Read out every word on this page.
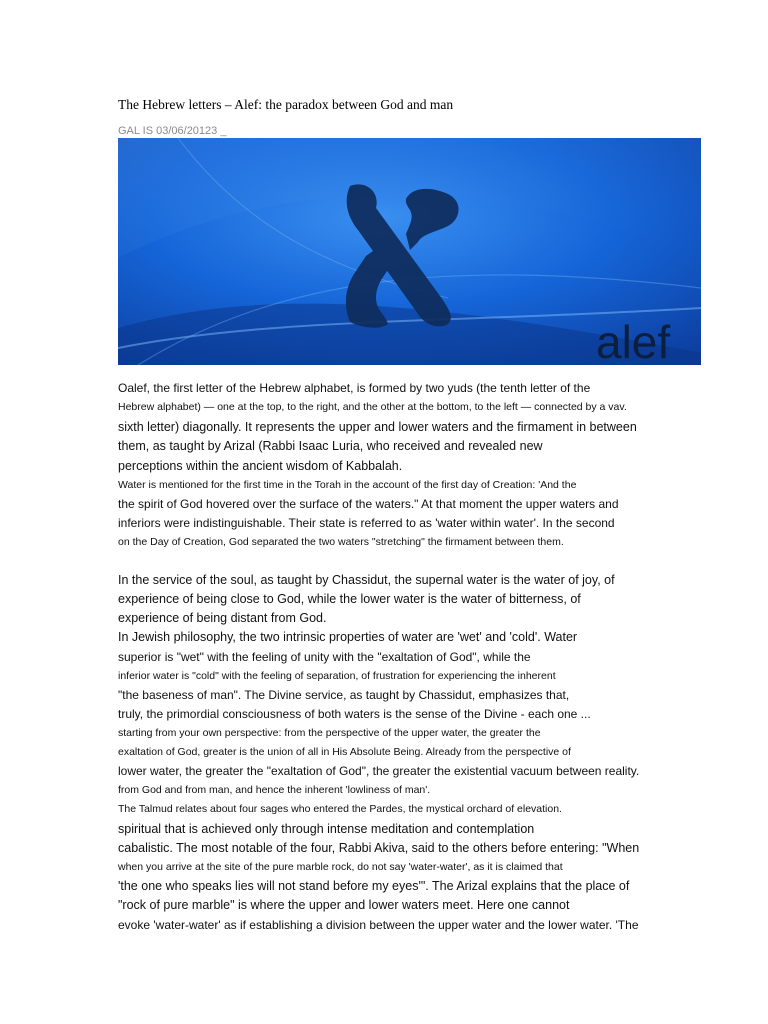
The Hebrew letters – Alef: the paradox between God and man
GAL IS 03/06/20123 _
alef
Oalef, the first letter of the Hebrew alphabet, is formed by two yuds (the tenth letter of the
Hebrew alphabet) — one at the top, to the right, and the other at the bottom, to the left — connected by a vav.
sixth letter) diagonally. It represents the upper and lower waters and the firmament in between
them, as taught by Arizal (Rabbi Isaac Luria, who received and revealed new
perceptions within the ancient wisdom of Kabbalah.
Water is mentioned for the first time in the Torah in the account of the first day of Creation: 'And the
the spirit of God hovered over the surface of the waters." At that moment the upper waters and
inferiors were indistinguishable. Their state is referred to as 'water within water'. In the second
on the Day of Creation, God separated the two waters "stretching" the firmament between them.
In the service of the soul, as taught by Chassidut, the supernal water is the water of joy, of
experience of being close to God, while the lower water is the water of bitterness, of
experience of being distant from God.
In Jewish philosophy, the two intrinsic properties of water are 'wet' and 'cold'. Water
superior is "wet" with the feeling of unity with the "exaltation of God", while the
inferior water is "cold" with the feeling of separation, of frustration for experiencing the inherent
"the baseness of man". The Divine service, as taught by Chassidut, emphasizes that,
truly, the primordial consciousness of both waters is the sense of the Divine - each one ...
starting from your own perspective: from the perspective of the upper water, the greater the
exaltation of God, greater is the union of all in His Absolute Being. Already from the perspective of
lower water, the greater the "exaltation of God", the greater the existential vacuum between reality.
from God and from man, and hence the inherent 'lowliness of man'.
The Talmud relates about four sages who entered the Pardes, the mystical orchard of elevation.
spiritual that is achieved only through intense meditation and contemplation
cabalistic. The most notable of the four, Rabbi Akiva, said to the others before entering: "When
when you arrive at the site of the pure marble rock, do not say 'water-water', as it is claimed that
'the one who speaks lies will not stand before my eyes'". The Arizal explains that the place of
"rock of pure marble" is where the upper and lower waters meet. Here one cannot
evoke 'water-water' as if establishing a division between the upper water and the lower water. 'The
